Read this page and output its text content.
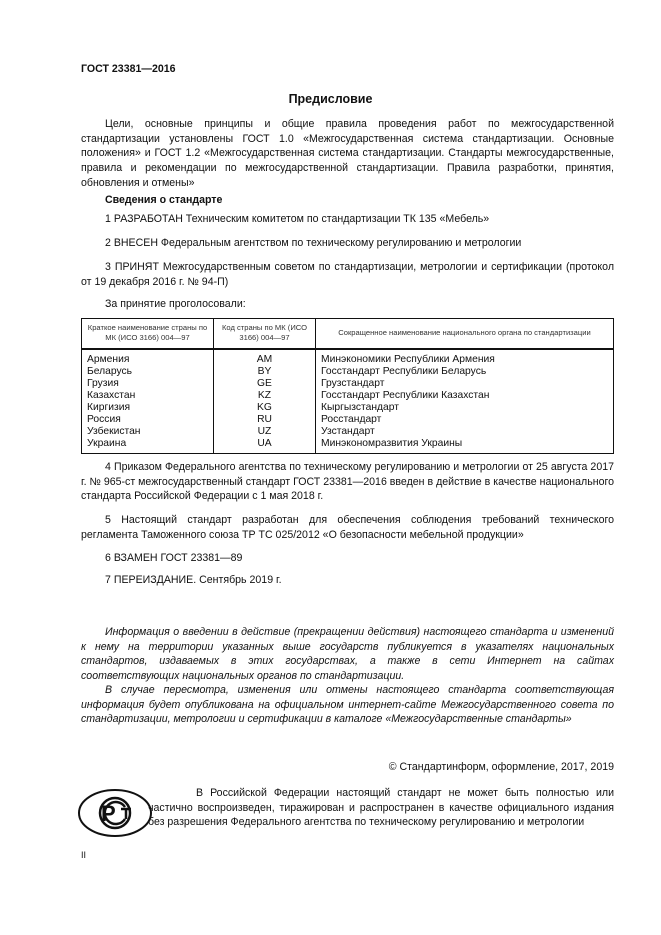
ГОСТ 23381—2016
Предисловие
Цели, основные принципы и общие правила проведения работ по межгосударственной стандартизации установлены ГОСТ 1.0 «Межгосударственная система стандартизации. Основные положения» и ГОСТ 1.2 «Межгосударственная система стандартизации. Стандарты межгосударственные, правила и рекомендации по межгосударственной стандартизации. Правила разработки, принятия, обновления и отмены»
Сведения о стандарте
1 РАЗРАБОТАН Техническим комитетом по стандартизации ТК 135 «Мебель»
2 ВНЕСЕН Федеральным агентством по техническому регулированию и метрологии
3 ПРИНЯТ Межгосударственным советом по стандартизации, метрологии и сертификации (протокол от 19 декабря 2016 г. № 94-П)
За принятие проголосовали:
Краткое наименование страны по МК (ИСО 3166) 004—97	Код страны по МК (ИСО 3166) 004—97	Сокращенное наименование национального органа по стандартизации
Армения	AM	Минэкономики Республики Армения
Беларусь	BY	Госстандарт Республики Беларусь
Грузия	GE	Грузстандарт
Казахстан	KZ	Госстандарт Республики Казахстан
Киргизия	KG	Кыргызстандарт
Россия	RU	Росстандарт
Узбекистан	UZ	Узстандарт
Украина	UA	Минэкономразвития Украины
4 Приказом Федерального агентства по техническому регулированию и метрологии от 25 августа 2017 г. № 965-ст межгосударственный стандарт ГОСТ 23381—2016 введен в действие в качестве национального стандарта Российской Федерации с 1 мая 2018 г.
5 Настоящий стандарт разработан для обеспечения соблюдения требований технического регламента Таможенного союза ТР ТС 025/2012 «О безопасности мебельной продукции»
6 ВЗАМЕН ГОСТ 23381—89
7 ПЕРЕИЗДАНИЕ. Сентябрь 2019 г.
Информация о введении в действие (прекращении действия) настоящего стандарта и изменений к нему на территории указанных выше государств публикуется в указателях национальных стандартов, издаваемых в этих государствах, а также в сети Интернет на сайтах соответствующих национальных органов по стандартизации.
В случае пересмотра, изменения или отмены настоящего стандарта соответствующая информация будет опубликована на официальном интернет-сайте Межгосударственного совета по стандартизации, метрологии и сертификации в каталоге «Межгосударственные стандарты»
© Стандартинформ, оформление, 2017, 2019
P
В Российской Федерации настоящий стандарт не может быть полностью или частично воспроизведен, тиражирован и распространен в качестве официального издания без разрешения Федерального агентства по техническому регулированию и метрологии
II
